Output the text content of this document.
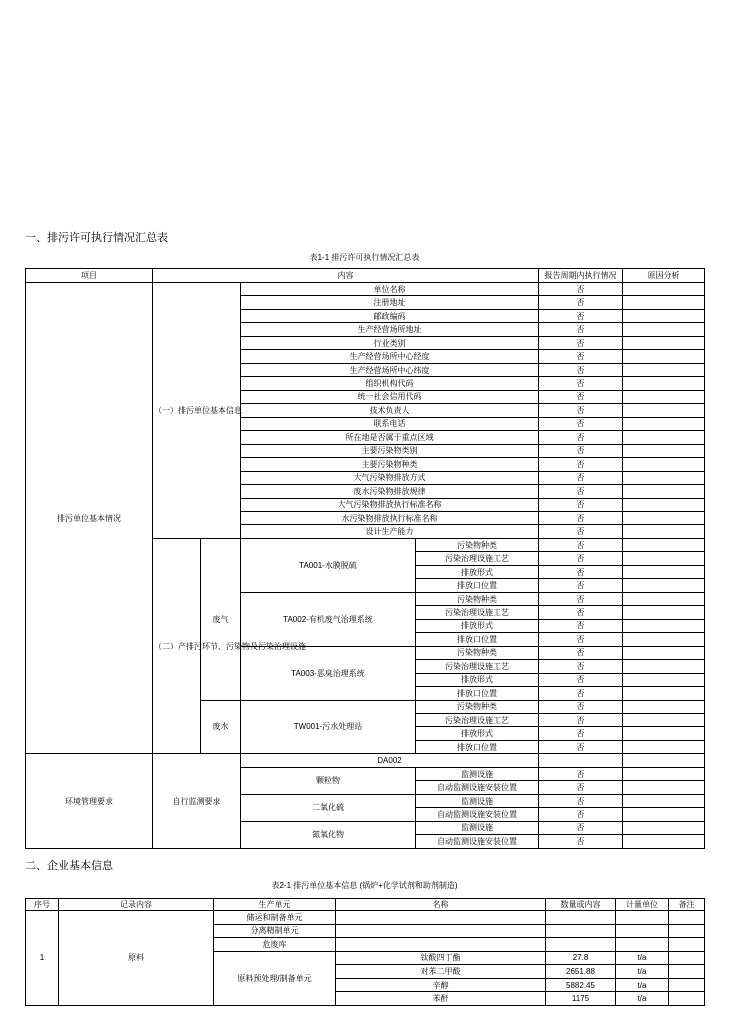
一、排污许可执行情况汇总表
表1-1 排污许可执行情况汇总表
项目	内容				报告周期内执行情况	原因分析
排污单位基本情况	（一）排污单位基本信息		单位名称		否	
			注册地址		否	
			邮政编码		否	
			生产经营场所地址		否	
			行业类别		否	
			生产经营场所中心经度		否	
			生产经营场所中心纬度		否	
			组织机构代码		否	
			统一社会信用代码		否	
			技术负责人		否	
			联系电话		否	
			所在地是否属于重点区域		否	
			主要污染物类别		否	
			主要污染物种类		否	
			大气污染物排放方式		否	
			废水污染物排放规律		否	
			大气污染物排放执行标准名称		否	
			水污染物排放执行标准名称		否	
			设计生产能力		否	
	（二）产排污环节、污染物及污染治理设施	废气	TA001-水膜脱硫	污染物种类	否	
				污染治理设施工艺	否	
				排放形式	否	
				排放口位置	否	
			TA002-有机废气治理系统	污染物种类	否	
				污染治理设施工艺	否	
				排放形式	否	
				排放口位置	否	
			TA003-恶臭治理系统	污染物种类	否	
				污染治理设施工艺	否	
				排放形式	否	
				排放口位置	否	
		废水	TW001-污水处理站	污染物种类	否	
				污染治理设施工艺	否	
				排放形式	否	
				排放口位置	否	
环境管理要求	自行监测要求		DA002			
			颗粒物	监测设施	否	
				自动监测设施安装位置	否	
			二氧化硫	监测设施	否	
				自动监测设施安装位置	否	
			氮氧化物	监测设施	否	
				自动监测设施安装位置	否	
二、企业基本信息
表2-1 排污单位基本信息 (锅炉+化学试剂和助剂制造)
序号	记录内容	生产单元	名称	数量或内容	计量单位	备注
1	原料	储运和制备单元				
		分离精制单元				
		危废库				
		原料预处理/制备单元	钛酸四丁酯	27.8	t/a	
			对苯二甲酸	2651.88	t/a	
			辛醇	5882.45	t/a	
			苯酐	1175	t/a	
